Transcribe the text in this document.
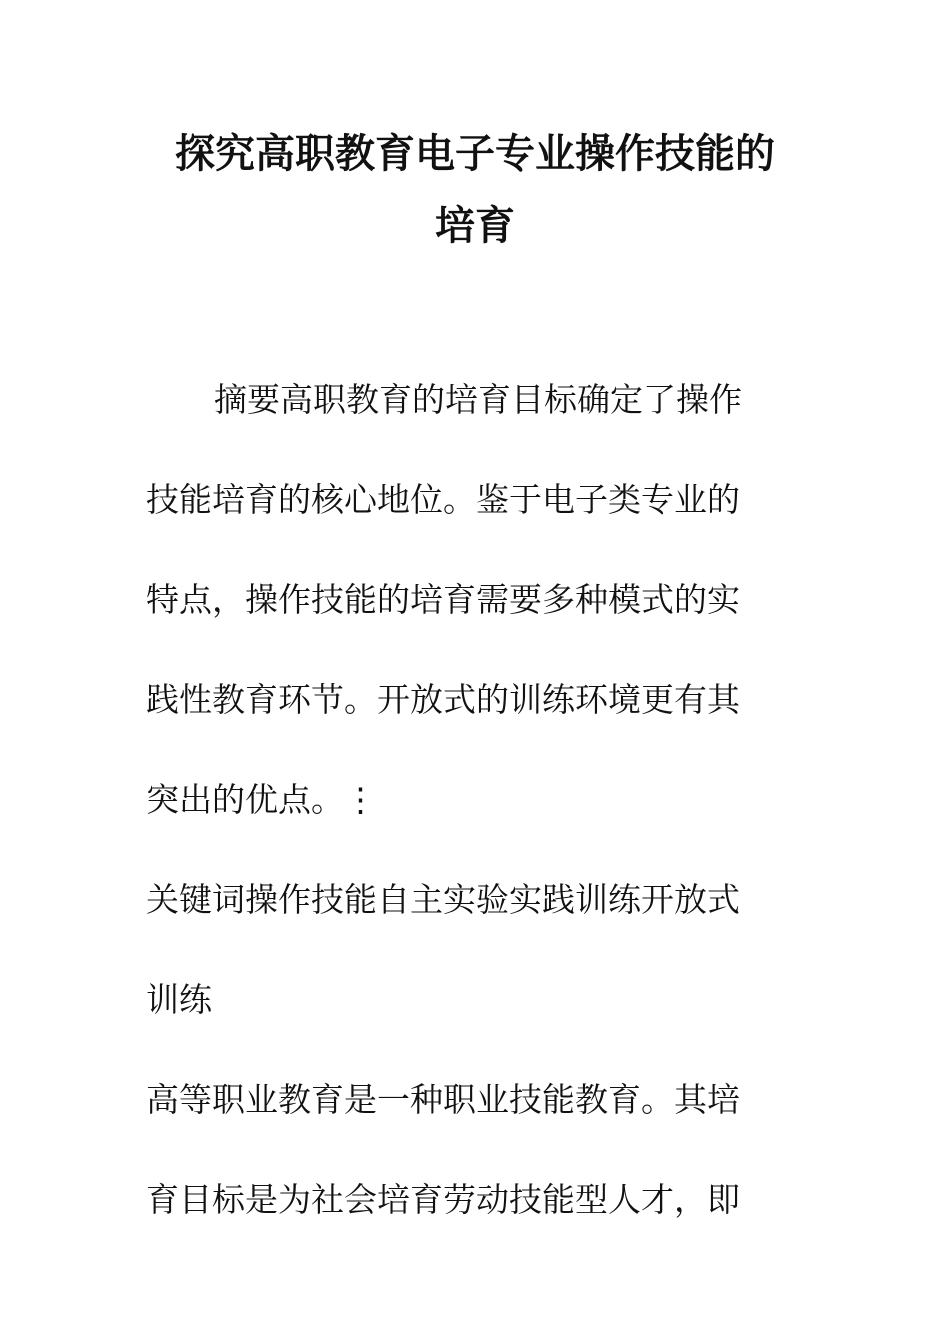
探究高职教育电子专业操作技能的
培育

摘要高职教育的培育目标确定了操作

技能培育的核心地位。鉴于电子类专业的

特点，操作技能的培育需要多种模式的实

践性教育环节。开放式的训练环境更有其

突出的优点。⋮

关键词操作技能自主实验实践训练开放式

训练

高等职业教育是一种职业技能教育。其培

育目标是为社会培育劳动技能型人才，即
